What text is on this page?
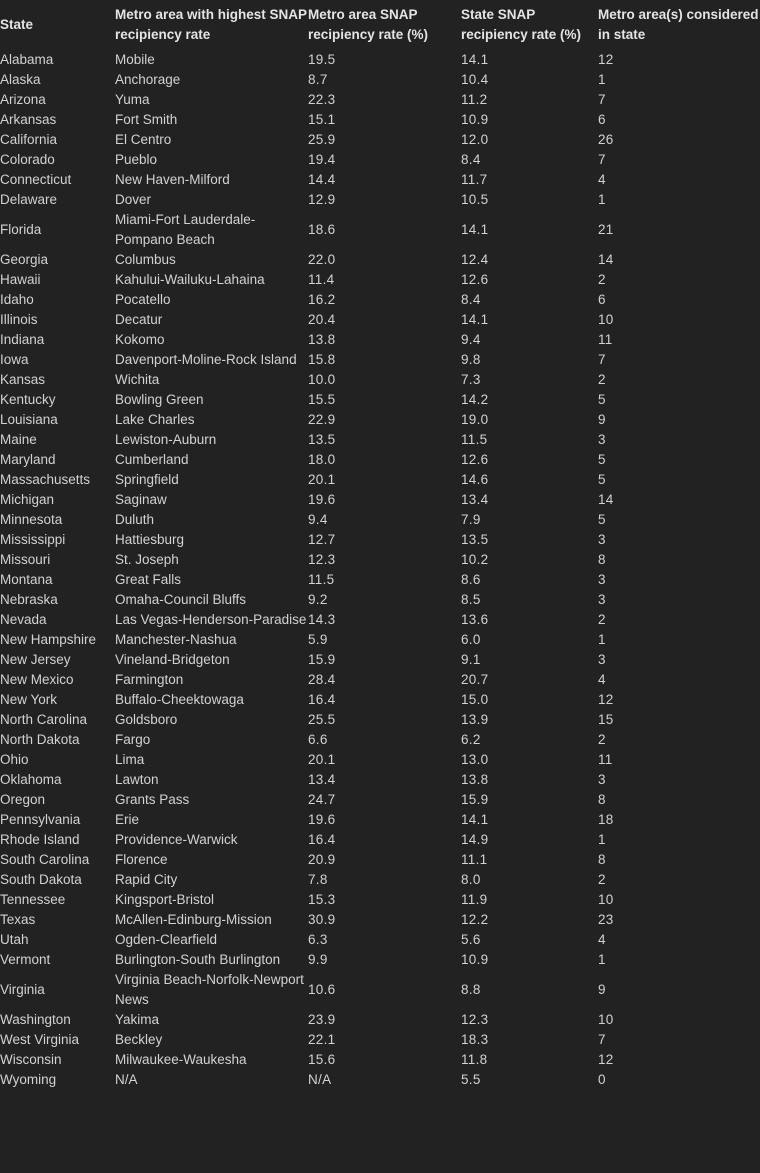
State	Metro area with highest SNAP recipiency rate	Metro area SNAP recipiency rate (%)	State SNAP recipiency rate (%)	Metro area(s) considered in state
Alabama	Mobile	19.5	14.1	12
Alaska	Anchorage	8.7	10.4	1
Arizona	Yuma	22.3	11.2	7
Arkansas	Fort Smith	15.1	10.9	6
California	El Centro	25.9	12.0	26
Colorado	Pueblo	19.4	8.4	7
Connecticut	New Haven-Milford	14.4	11.7	4
Delaware	Dover	12.9	10.5	1
Florida	Miami-Fort Lauderdale-Pompano Beach	18.6	14.1	21
Georgia	Columbus	22.0	12.4	14
Hawaii	Kahului-Wailuku-Lahaina	11.4	12.6	2
Idaho	Pocatello	16.2	8.4	6
Illinois	Decatur	20.4	14.1	10
Indiana	Kokomo	13.8	9.4	11
Iowa	Davenport-Moline-Rock Island	15.8	9.8	7
Kansas	Wichita	10.0	7.3	2
Kentucky	Bowling Green	15.5	14.2	5
Louisiana	Lake Charles	22.9	19.0	9
Maine	Lewiston-Auburn	13.5	11.5	3
Maryland	Cumberland	18.0	12.6	5
Massachusetts	Springfield	20.1	14.6	5
Michigan	Saginaw	19.6	13.4	14
Minnesota	Duluth	9.4	7.9	5
Mississippi	Hattiesburg	12.7	13.5	3
Missouri	St. Joseph	12.3	10.2	8
Montana	Great Falls	11.5	8.6	3
Nebraska	Omaha-Council Bluffs	9.2	8.5	3
Nevada	Las Vegas-Henderson-Paradise	14.3	13.6	2
New Hampshire	Manchester-Nashua	5.9	6.0	1
New Jersey	Vineland-Bridgeton	15.9	9.1	3
New Mexico	Farmington	28.4	20.7	4
New York	Buffalo-Cheektowaga	16.4	15.0	12
North Carolina	Goldsboro	25.5	13.9	15
North Dakota	Fargo	6.6	6.2	2
Ohio	Lima	20.1	13.0	11
Oklahoma	Lawton	13.4	13.8	3
Oregon	Grants Pass	24.7	15.9	8
Pennsylvania	Erie	19.6	14.1	18
Rhode Island	Providence-Warwick	16.4	14.9	1
South Carolina	Florence	20.9	11.1	8
South Dakota	Rapid City	7.8	8.0	2
Tennessee	Kingsport-Bristol	15.3	11.9	10
Texas	McAllen-Edinburg-Mission	30.9	12.2	23
Utah	Ogden-Clearfield	6.3	5.6	4
Vermont	Burlington-South Burlington	9.9	10.9	1
Virginia	Virginia Beach-Norfolk-Newport News	10.6	8.8	9
Washington	Yakima	23.9	12.3	10
West Virginia	Beckley	22.1	18.3	7
Wisconsin	Milwaukee-Waukesha	15.6	11.8	12
Wyoming	N/A	N/A	5.5	0
